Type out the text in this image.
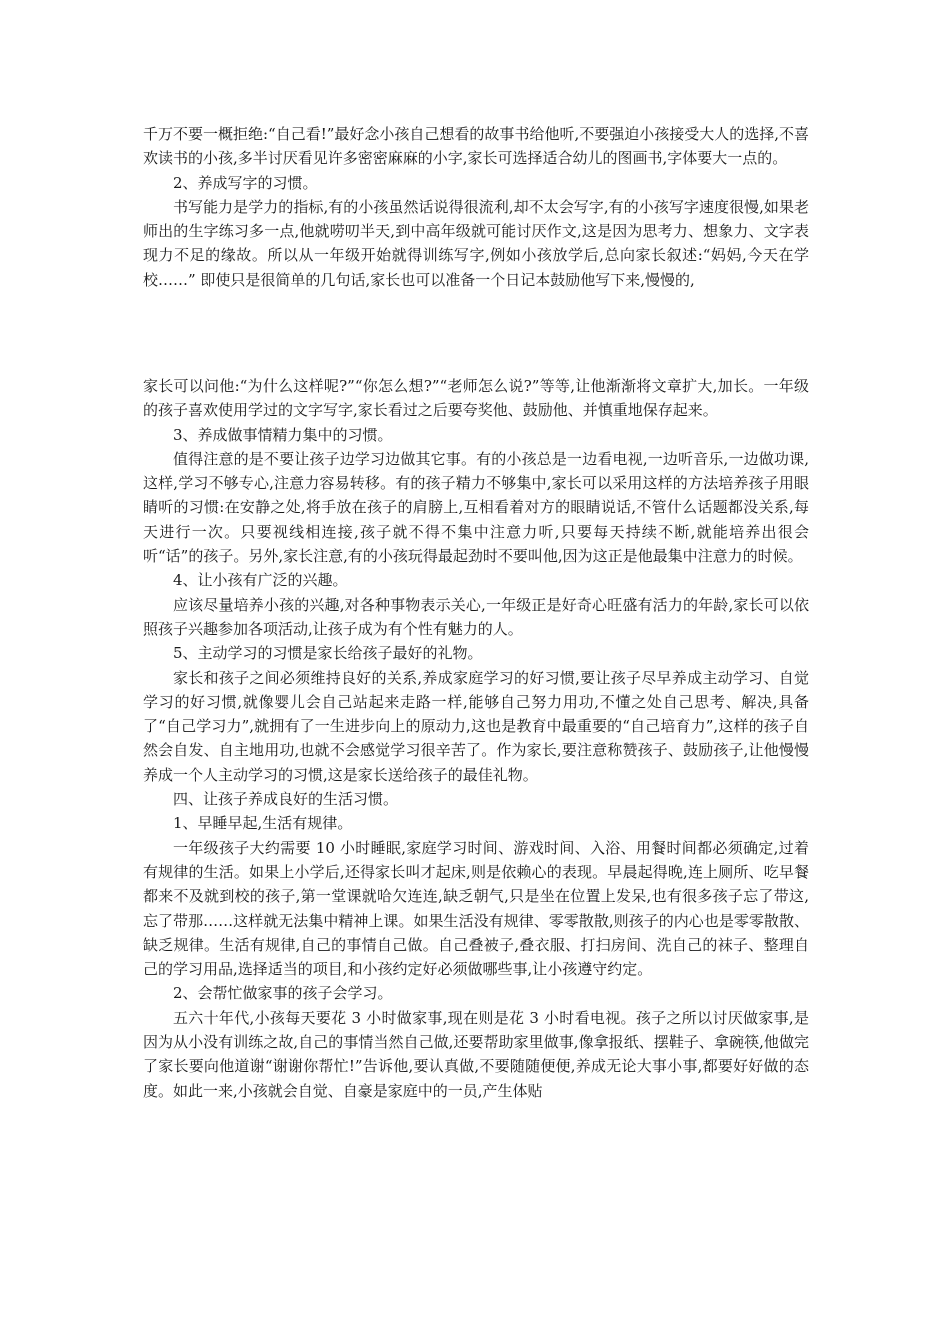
千万不要一概拒绝:“自己看!”最好念小孩自己想看的故事书给他听,不要强迫小孩接受大人的选择,不喜欢读书的小孩,多半讨厌看见许多密密麻麻的小字,家长可选择适合幼儿的图画书,字体要大一点的。

2、养成写字的习惯。

书写能力是学力的指标,有的小孩虽然话说得很流利,却不太会写字,有的小孩写字速度很慢,如果老师出的生字练习多一点,他就唠叨半天,到中高年级就可能讨厌作文,这是因为思考力、想象力、文字表现力不足的缘故。所以从一年级开始就得训练写字,例如小孩放学后,总向家长叙述:“妈妈,今天在学校……” 即使只是很简单的几句话,家长也可以准备一个日记本鼓励他写下来,慢慢的,

家长可以问他:“为什么这样呢?”“你怎么想?”“老师怎么说?”等等,让他渐渐将文章扩大,加长。一年级的孩子喜欢使用学过的文字写字,家长看过之后要夸奖他、鼓励他、并慎重地保存起来。

3、养成做事情精力集中的习惯。

值得注意的是不要让孩子边学习边做其它事。有的小孩总是一边看电视,一边听音乐,一边做功课,这样,学习不够专心,注意力容易转移。有的孩子精力不够集中,家长可以采用这样的方法培养孩子用眼睛听的习惯:在安静之处,将手放在孩子的肩膀上,互相看着对方的眼睛说话,不管什么话题都没关系,每天进行一次。只要视线相连接,孩子就不得不集中注意力听,只要每天持续不断,就能培养出很会听“话”的孩子。另外,家长注意,有的小孩玩得最起劲时不要叫他,因为这正是他最集中注意力的时候。

4、让小孩有广泛的兴趣。

应该尽量培养小孩的兴趣,对各种事物表示关心,一年级正是好奇心旺盛有活力的年龄,家长可以依照孩子兴趣参加各项活动,让孩子成为有个性有魅力的人。

5、主动学习的习惯是家长给孩子最好的礼物。

家长和孩子之间必须维持良好的关系,养成家庭学习的好习惯,要让孩子尽早养成主动学习、自觉学习的好习惯,就像婴儿会自己站起来走路一样,能够自己努力用功,不懂之处自己思考、解决,具备了“自己学习力”,就拥有了一生进步向上的原动力,这也是教育中最重要的“自己培育力”,这样的孩子自然会自发、自主地用功,也就不会感觉学习很辛苦了。作为家长,要注意称赞孩子、鼓励孩子,让他慢慢养成一个人主动学习的习惯,这是家长送给孩子的最佳礼物。

四、让孩子养成良好的生活习惯。

1、早睡早起,生活有规律。

一年级孩子大约需要 10 小时睡眠,家庭学习时间、游戏时间、入浴、用餐时间都必须确定,过着有规律的生活。如果上小学后,还得家长叫才起床,则是依赖心的表现。早晨起得晚,连上厕所、吃早餐都来不及就到校的孩子,第一堂课就哈欠连连,缺乏朝气,只是坐在位置上发呆,也有很多孩子忘了带这,忘了带那……这样就无法集中精神上课。如果生活没有规律、零零散散,则孩子的内心也是零零散散、缺乏规律。生活有规律,自己的事情自己做。自己叠被子,叠衣服、打扫房间、洗自己的袜子、整理自己的学习用品,选择适当的项目,和小孩约定好必须做哪些事,让小孩遵守约定。

2、会帮忙做家事的孩子会学习。

五六十年代,小孩每天要花 3 小时做家事,现在则是花 3 小时看电视。孩子之所以讨厌做家事,是因为从小没有训练之故,自己的事情当然自己做,还要帮助家里做事,像拿报纸、摆鞋子、拿碗筷,他做完了家长要向他道谢“谢谢你帮忙!”告诉他,要认真做,不要随随便便,养成无论大事小事,都要好好做的态度。如此一来,小孩就会自觉、自豪是家庭中的一员,产生体贴
